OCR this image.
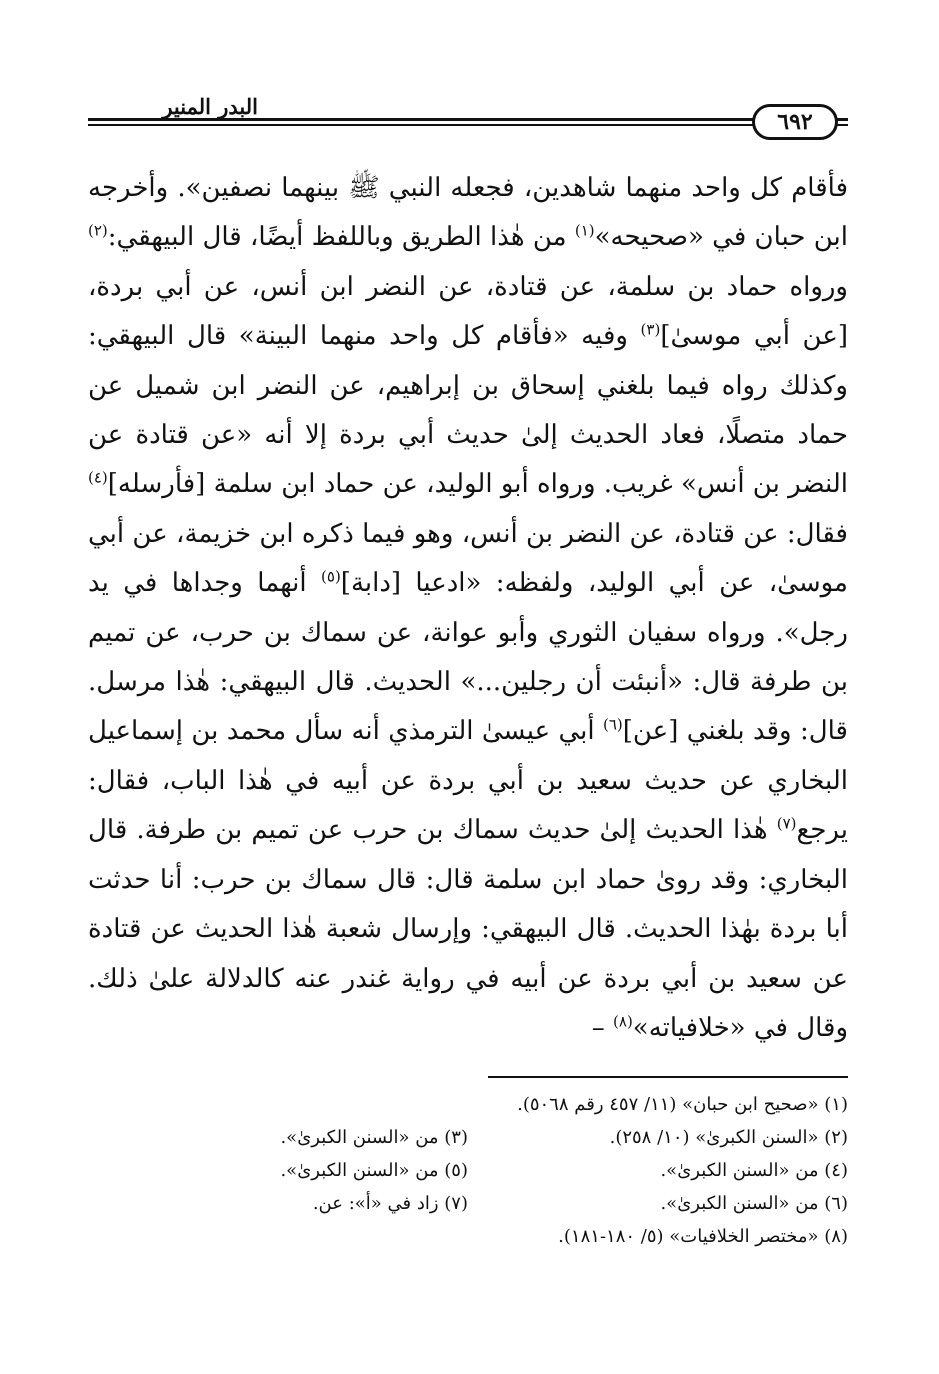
٦٩٢
البدر المنير

فأقام كل واحد منهما شاهدين، فجعله النبي ﷺ بينهما نصفين». وأخرجه ابن حبان في «صحيحه»$^{(١)}$ من هٰذا الطريق وباللفظ أيضًا، قال البيهقي:$^{(٢)}$ ورواه حماد بن سلمة، عن قتادة، عن النضر ابن أنس، عن أبي بردة، [عن أبي موسىٰ]$^{(٣)}$ وفيه «فأقام كل واحد منهما البينة» قال البيهقي: وكذلك رواه فيما بلغني إسحاق بن إبراهيم، عن النضر ابن شميل عن حماد متصلًا، فعاد الحديث إلىٰ حديث أبي بردة إلا أنه «عن قتادة عن النضر بن أنس» غريب. ورواه أبو الوليد، عن حماد ابن سلمة [فأرسله]$^{(٤)}$ فقال: عن قتادة، عن النضر بن أنس، وهو فيما ذكره ابن خزيمة، عن أبي موسىٰ، عن أبي الوليد، ولفظه: «ادعيا [دابة]$^{(٥)}$ أنهما وجداها في يد رجل». ورواه سفيان الثوري وأبو عوانة، عن سماك بن حرب، عن تميم بن طرفة قال: «أنبئت أن رجلين...» الحديث. قال البيهقي: هٰذا مرسل. قال: وقد بلغني [عن]$^{(٦)}$ أبي عيسىٰ الترمذي أنه سأل محمد بن إسماعيل البخاري عن حديث سعيد بن أبي بردة عن أبيه في هٰذا الباب، فقال: يرجع$^{(٧)}$ هٰذا الحديث إلىٰ حديث سماك بن حرب عن تميم بن طرفة. قال البخاري: وقد روىٰ حماد ابن سلمة قال: قال سماك بن حرب: أنا حدثت أبا بردة بهٰذا الحديث. قال البيهقي: وإرسال شعبة هٰذا الحديث عن قتادة عن سعيد بن أبي بردة عن أبيه في رواية غندر عنه كالدلالة علىٰ ذلك. وقال في «خلافياته»$^{(٨)}$ –

(١) «صحيح ابن حبان» (١١/ ٤٥٧ رقم ٥٠٦٨).
(٢) «السنن الكبرىٰ» (١٠/ ٢٥٨).
(٣) من «السنن الكبرىٰ».
(٤) من «السنن الكبرىٰ».
(٥) من «السنن الكبرىٰ».
(٦) من «السنن الكبرىٰ».
(٧) زاد في «أ»: عن.
(٨) «مختصر الخلافيات» (٥/ ١٨٠-١٨١).
